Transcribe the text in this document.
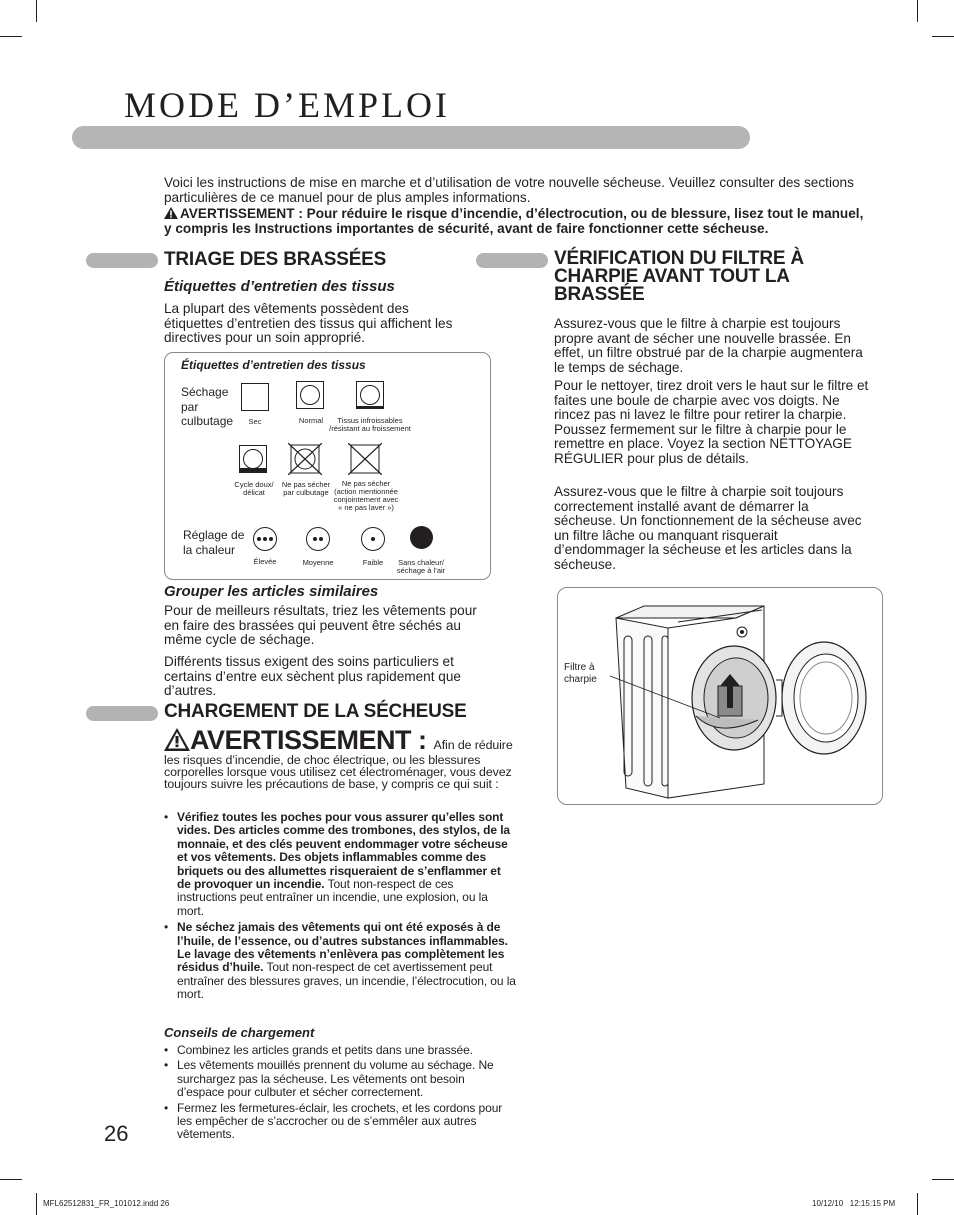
MODE D’EMPLOI

Voici les instructions de mise en marche et d’utilisation de votre nouvelle sécheuse. Veuillez consulter des sections particulières de ce manuel pour de plus amples informations.

AVERTISSEMENT : Pour réduire le risque d’incendie, d’électrocution, ou de blessure, lisez tout le manuel, y compris les Instructions importantes de sécurité, avant de faire fonctionner cette sécheuse.

TRIAGE DES BRASSÉES
Étiquettes d’entretien des tissus

La plupart des vêtements possèdent des étiquettes d’entretien des tissus qui affichent les directives pour un soin approprié.

Étiquettes d’entretien des tissus
Séchage par culbutage	Sec	Normal	Tissus infroissables /résistant au froissement
Cycle doux/ délicat
Ne pas sécher par culbutage
Ne pas sécher (action mentionnée conjointement avec « ne pas laver »)
Réglage de la chaleur
Élevée	Moyenne	Faible	Sans chaleur/ séchage à l’air
Grouper les articles similaires

Pour de meilleurs résultats, triez les vêtements pour en faire des brassées qui peuvent être séchés au même cycle de séchage.

Différents tissus exigent des soins particuliers et certains d’entre eux sèchent plus rapidement que d’autres.

CHARGEMENT DE LA SÉCHEUSE
AVERTISSEMENT : Afin de réduire les risques d’incendie, de choc électrique, ou les blessures corporelles lorsque vous utilisez cet électroménager, vous devez toujours suivre les précautions de base, y compris ce qui suit :
• Vérifiez toutes les poches pour vous assurer qu’elles sont vides. Des articles comme des trombones, des stylos, de la monnaie, et des clés peuvent endommager votre sécheuse et vos vêtements. Des objets inflammables comme des briquets ou des allumettes risqueraient de s’enflammer et de provoquer un incendie. Tout non-respect de ces instructions peut entraîner un incendie, une explosion, ou la mort.
• Ne séchez jamais des vêtements qui ont été exposés à de l’huile, de l’essence, ou d’autres substances inflammables. Le lavage des vêtements n’enlèvera pas complètement les résidus d’huile. Tout non-respect de cet avertissement peut entraîner des blessures graves, un incendie, l’électrocution, ou la mort.
Conseils de chargement
• Combinez les articles grands et petits dans une brassée.
• Les vêtements mouillés prennent du volume au séchage. Ne surchargez pas la sécheuse. Les vêtements ont besoin d’espace pour culbuter et sécher correctement.
• Fermez les fermetures-éclair, les crochets, et les cordons pour les empêcher de s’accrocher ou de s’emmêler aux autres vêtements.
VÉRIFICATION DU FILTRE À CHARPIE AVANT TOUT LA BRASSÉE

Assurez-vous que le filtre à charpie est toujours propre avant de sécher une nouvelle brassée. En effet, un filtre obstrué par de la charpie augmentera le temps de séchage.

Pour le nettoyer, tirez droit vers le haut sur le filtre et faites une boule de charpie avec vos doigts. Ne rincez pas ni lavez le filtre pour retirer la charpie. Poussez fermement sur le filtre à charpie pour le remettre en place. Voyez la section NETTOYAGE RÉGULIER pour plus de détails.

Assurez-vous que le filtre à charpie soit toujours correctement installé avant de démarrer la sécheuse. Un fonctionnement de la sécheuse avec un filtre lâche ou manquant risquerait d’endommager la sécheuse et les articles dans la sécheuse.

Filtre à charpie
26
MFL62512831_FR_101012.indd 26	10/12/10   12:15:15 PM
